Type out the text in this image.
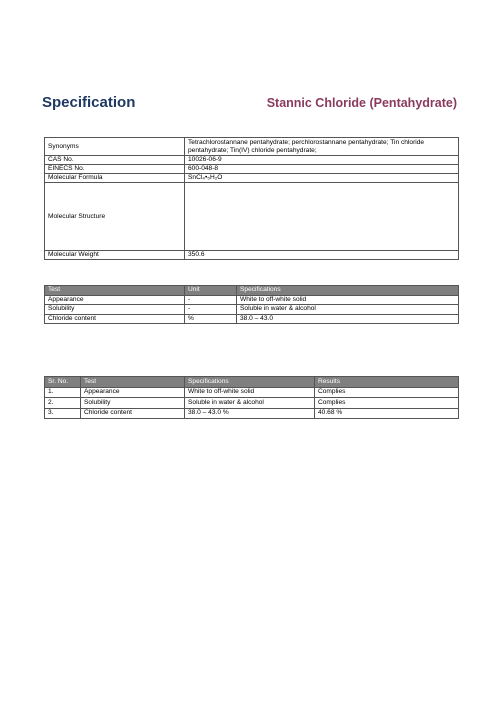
Specification	Stannic Chloride (Pentahydrate)
Synonyms	Tetrachlorostannane pentahydrate; perchlorostannane pentahydrate; Tin chloride pentahydrate; Tin(IV) chloride pentahydrate;
CAS No.	10026-06-9
EINECS No.	600-048-8
Molecular Formula	SnCl₄•₅H₂O
Molecular Structure	

Molecular Weight	350.6
Test	Unit	Specifications
Appearance	-	White to off-white solid
Solubility	-	Soluble in water & alcohol
Chloride content	%	38.0 – 43.0
Sr. No.	Test	Specifications	Results
1.	Appearance	White to off-white solid	Complies
2.	Solubility	Soluble in water & alcohol	Complies
3.	Chloride content	38.0 – 43.0 %	40.68 %
